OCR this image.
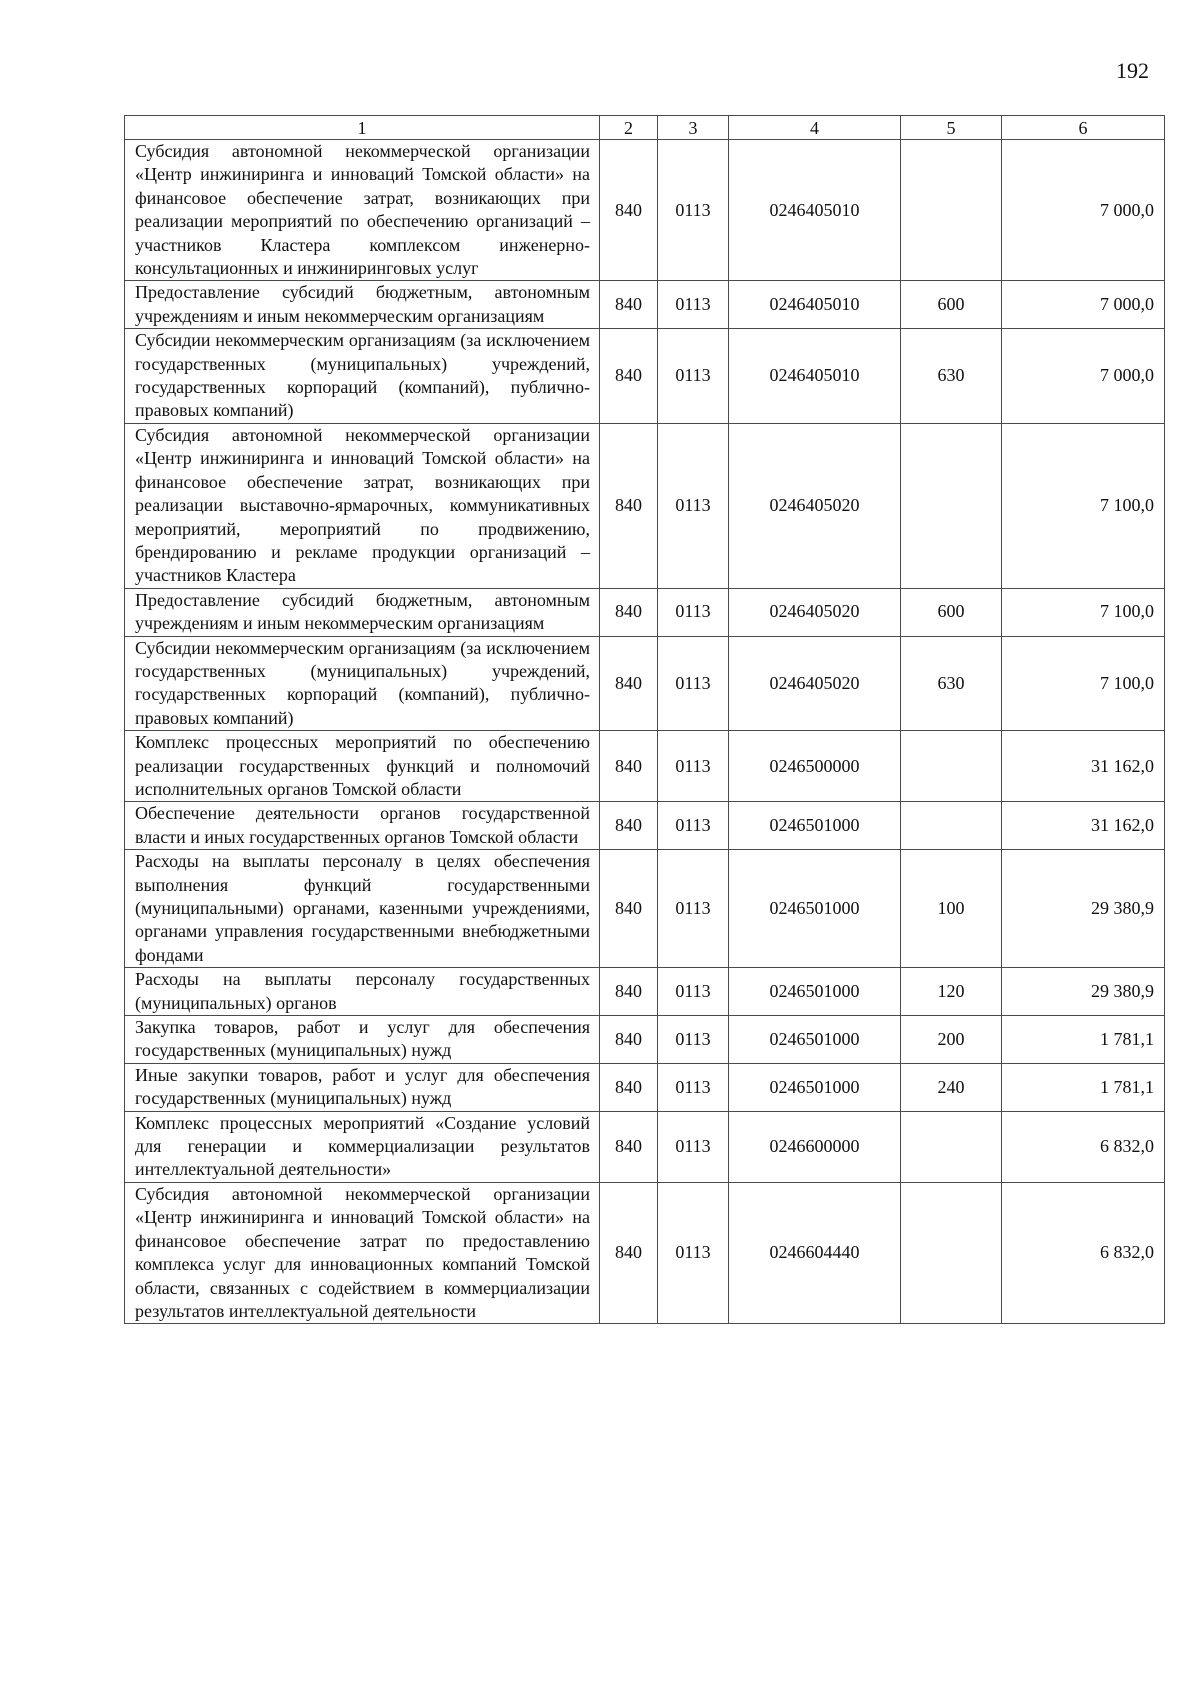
192
1	2	3	4	5	6
Субсидия автономной некоммерческой организации «Центр инжиниринга и инноваций Томской области» на финансовое обеспечение затрат, возникающих при реализации мероприятий по обеспечению организаций – участников Кластера комплексом инженерно-консультационных и инжиниринговых услуг	840	0113	0246405010		7 000,0
Предоставление субсидий бюджетным, автономным учреждениям и иным некоммерческим организациям	840	0113	0246405010	600	7 000,0
Субсидии некоммерческим организациям (за исключением государственных (муниципальных) учреждений, государственных корпораций (компаний), публично-правовых компаний)	840	0113	0246405010	630	7 000,0
Субсидия автономной некоммерческой организации «Центр инжиниринга и инноваций Томской области» на финансовое обеспечение затрат, возникающих при реализации выставочно-ярмарочных, коммуникативных мероприятий, мероприятий по продвижению, брендированию и рекламе продукции организаций – участников Кластера	840	0113	0246405020		7 100,0
Предоставление субсидий бюджетным, автономным учреждениям и иным некоммерческим организациям	840	0113	0246405020	600	7 100,0
Субсидии некоммерческим организациям (за исключением государственных (муниципальных) учреждений, государственных корпораций (компаний), публично-правовых компаний)	840	0113	0246405020	630	7 100,0
Комплекс процессных мероприятий по обеспечению реализации государственных функций и полномочий исполнительных органов Томской области	840	0113	0246500000		31 162,0
Обеспечение деятельности органов государственной власти и иных государственных органов Томской области	840	0113	0246501000		31 162,0
Расходы на выплаты персоналу в целях обеспечения выполнения функций государственными (муниципальными) органами, казенными учреждениями, органами управления государственными внебюджетными фондами	840	0113	0246501000	100	29 380,9
Расходы на выплаты персоналу государственных (муниципальных) органов	840	0113	0246501000	120	29 380,9
Закупка товаров, работ и услуг для обеспечения государственных (муниципальных) нужд	840	0113	0246501000	200	1 781,1
Иные закупки товаров, работ и услуг для обеспечения государственных (муниципальных) нужд	840	0113	0246501000	240	1 781,1
Комплекс процессных мероприятий «Создание условий для генерации и коммерциализации результатов интеллектуальной деятельности»	840	0113	0246600000		6 832,0
Субсидия автономной некоммерческой организации «Центр инжиниринга и инноваций Томской области» на финансовое обеспечение затрат по предоставлению комплекса услуг для инновационных компаний Томской области, связанных с содействием в коммерциализации результатов интеллектуальной деятельности	840	0113	0246604440		6 832,0
